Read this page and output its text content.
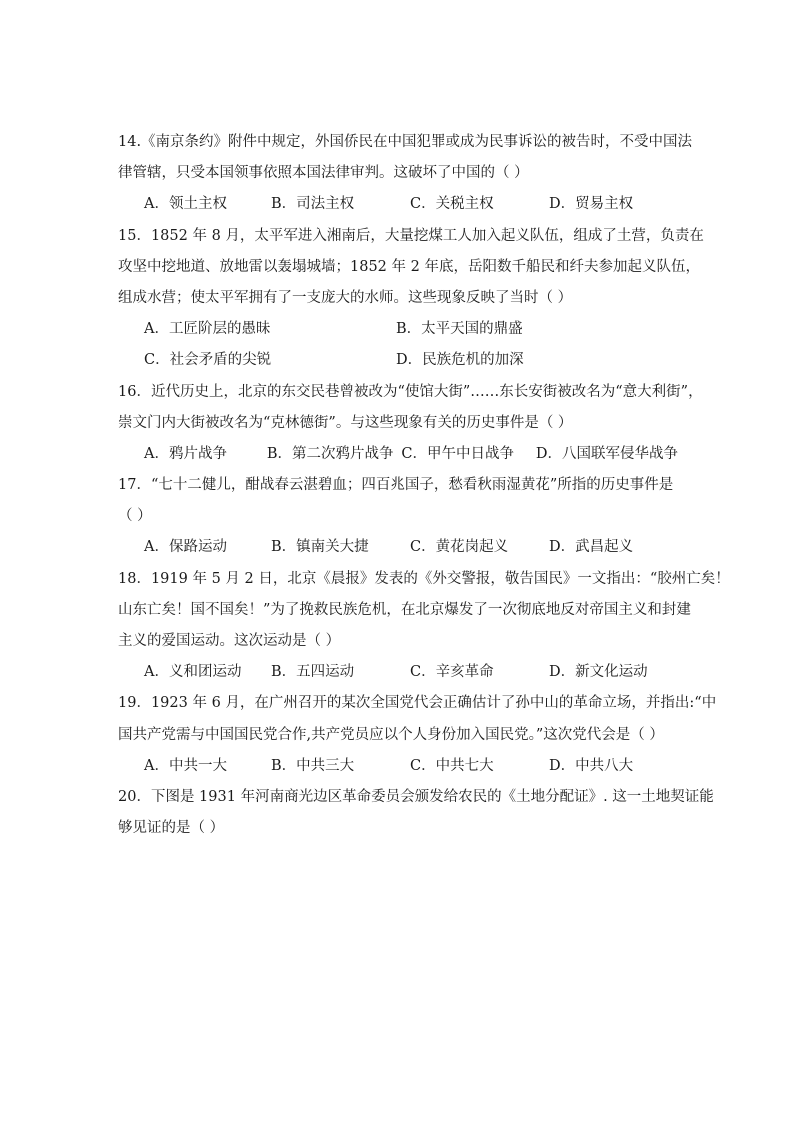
14.《南京条约》附件中规定，外国侨民在中国犯罪或成为民事诉讼的被告时，不受中国法
律管辖，只受本国领事依照本国法律审判。这破坏了中国的（ ）
A．领土主权	B．司法主权	C．关税主权	D．贸易主权
15．1852 年 8 月，太平军进入湘南后，大量挖煤工人加入起义队伍，组成了土营，负责在
攻坚中挖地道、放地雷以轰塌城墙；1852 年 2 年底，岳阳数千船民和纤夫参加起义队伍，
组成水营；使太平军拥有了一支庞大的水师。这些现象反映了当时（ ）
A．工匠阶层的愚昧	B．太平天国的鼎盛
C．社会矛盾的尖锐	D．民族危机的加深
16．近代历史上，北京的东交民巷曾被改为“使馆大街”……东长安街被改名为“意大利街”，
崇文门内大街被改名为“克林德街”。与这些现象有关的历史事件是（ ）
A．鸦片战争	B．第二次鸦片战争 C．甲午中日战争	D．八国联军侵华战争
17．“七十二健儿，酣战春云湛碧血；四百兆国子，愁看秋雨湿黄花”所指的历史事件是
（ ）
A．保路运动	B．镇南关大捷	C．黄花岗起义	D．武昌起义
18．1919 年 5 月 2 日，北京《晨报》发表的《外交警报，敬告国民》一文指出：“胶州亡矣！
山东亡矣！国不国矣！”为了挽救民族危机，在北京爆发了一次彻底地反对帝国主义和封建
主义的爱国运动。这次运动是（ ）
A．义和团运动	B．五四运动	C．辛亥革命	D．新文化运动
19．1923 年 6 月，在广州召开的某次全国党代会正确估计了孙中山的革命立场，并指出:“中
国共产党需与中国国民党合作,共产党员应以个人身份加入国民党。”这次党代会是（ ）
A．中共一大	B．中共三大	C．中共七大	D．中共八大
20．下图是 1931 年河南商光边区革命委员会颁发给农民的《土地分配证》. 这一土地契证能
够见证的是（ ）
